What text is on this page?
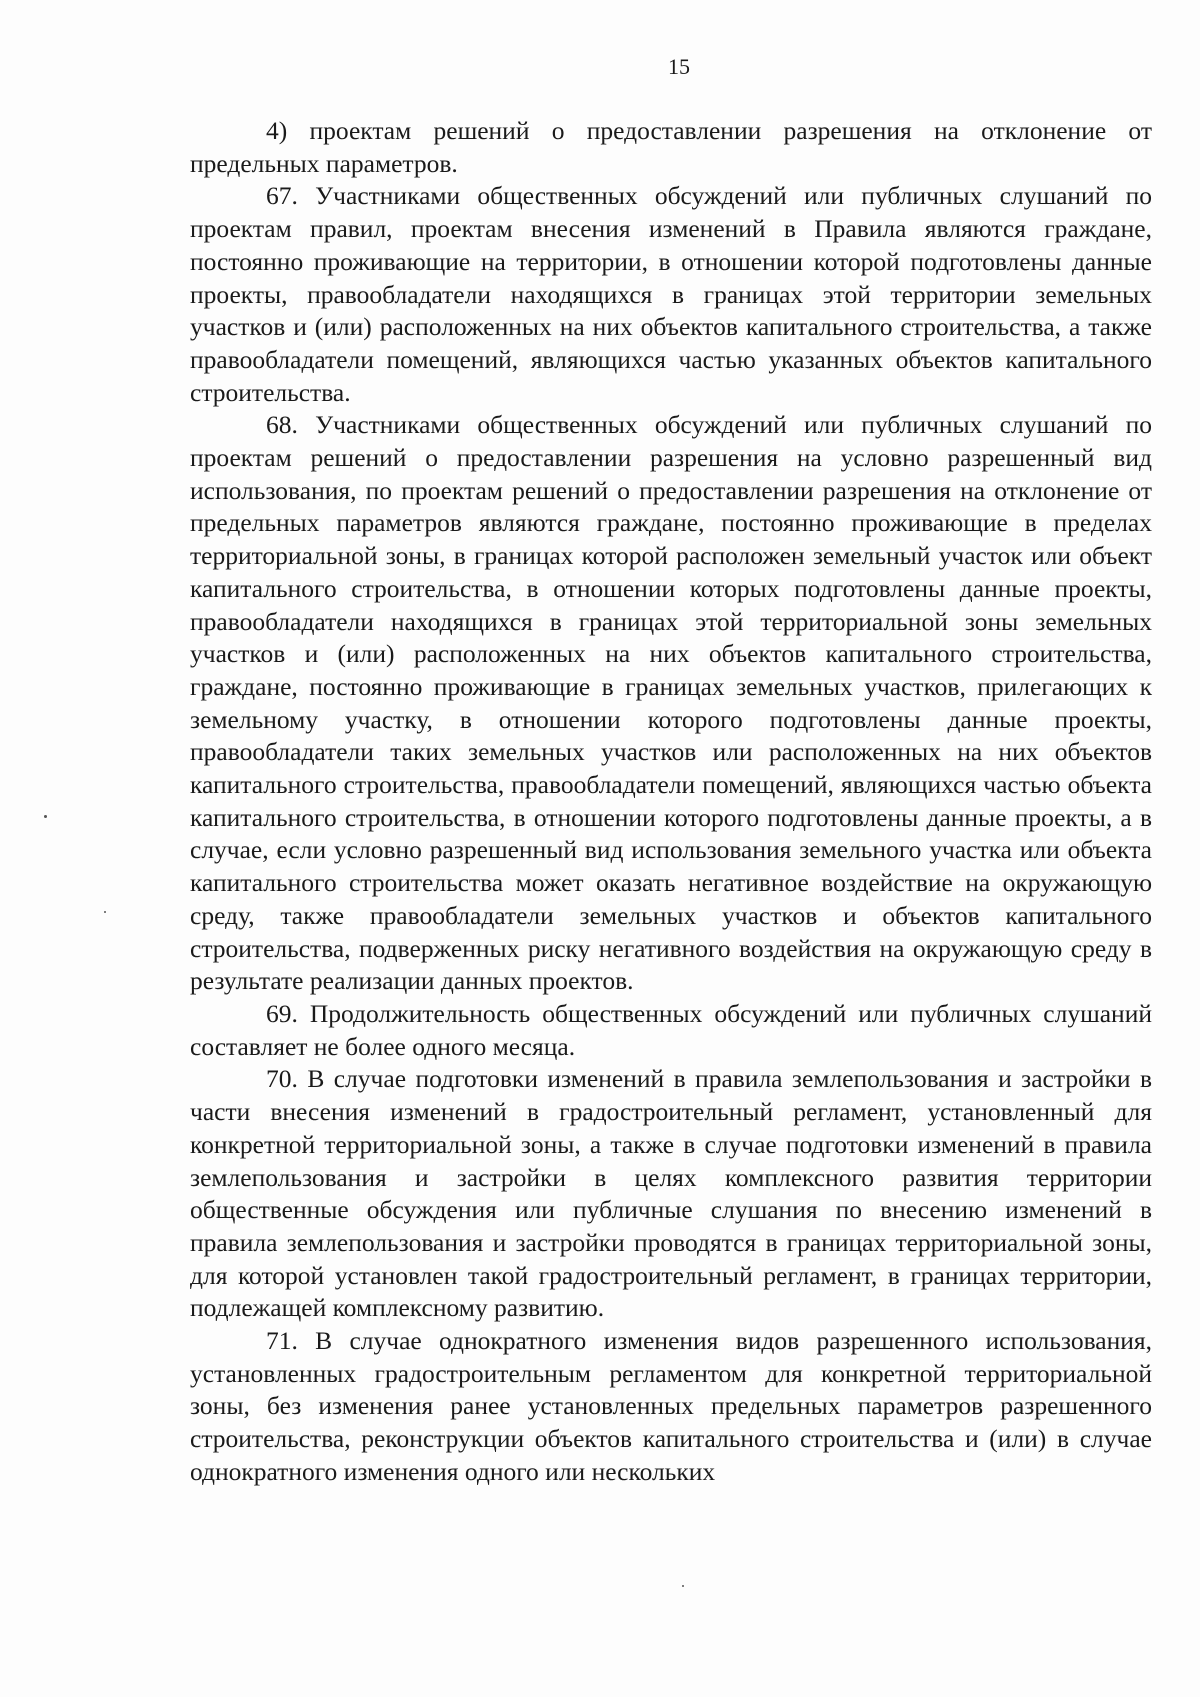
15

4) проектам решений о предоставлении разрешения на отклонение от предельных параметров.

67. Участниками общественных обсуждений или публичных слушаний по проектам правил, проектам внесения изменений в Правила являются граждане, постоянно проживающие на территории, в отношении которой подготовлены данные проекты, правообладатели находящихся в границах этой территории земельных участков и (или) расположенных на них объектов капитального строительства, а также правообладатели помещений, являющихся частью указанных объектов капитального строительства.

68. Участниками общественных обсуждений или публичных слушаний по проектам решений о предоставлении разрешения на условно разрешенный вид использования, по проектам решений о предоставлении разрешения на отклонение от предельных параметров являются граждане, постоянно проживающие в пределах территориальной зоны, в границах которой расположен земельный участок или объект капитального строительства, в отношении которых подготовлены данные проекты, правообладатели находящихся в границах этой территориальной зоны земельных участков и (или) расположенных на них объектов капитального строительства, граждане, постоянно проживающие в границах земельных участков, прилегающих к земельному участку, в отношении которого подготовлены данные проекты, правообладатели таких земельных участков или расположенных на них объектов капитального строительства, правообладатели помещений, являющихся частью объекта капитального строительства, в отношении которого подготовлены данные проекты, а в случае, если условно разрешенный вид использования земельного участка или объекта капитального строительства может оказать негативное воздействие на окружающую среду, также правообладатели земельных участков и объектов капитального строительства, подверженных риску негативного воздействия на окружающую среду в результате реализации данных проектов.

69. Продолжительность общественных обсуждений или публичных слушаний составляет не более одного месяца.

70. В случае подготовки изменений в правила землепользования и застройки в части внесения изменений в градостроительный регламент, установленный для конкретной территориальной зоны, а также в случае подготовки изменений в правила землепользования и застройки в целях комплексного развития территории общественные обсуждения или публичные слушания по внесению изменений в правила землепользования и застройки проводятся в границах территориальной зоны, для которой установлен такой градостроительный регламент, в границах территории, подлежащей комплексному развитию.

71. В случае однократного изменения видов разрешенного использования, установленных градостроительным регламентом для конкретной территориальной зоны, без изменения ранее установленных предельных параметров разрешенного строительства, реконструкции объектов капитального строительства и (или) в случае однократного изменения одного или нескольких
